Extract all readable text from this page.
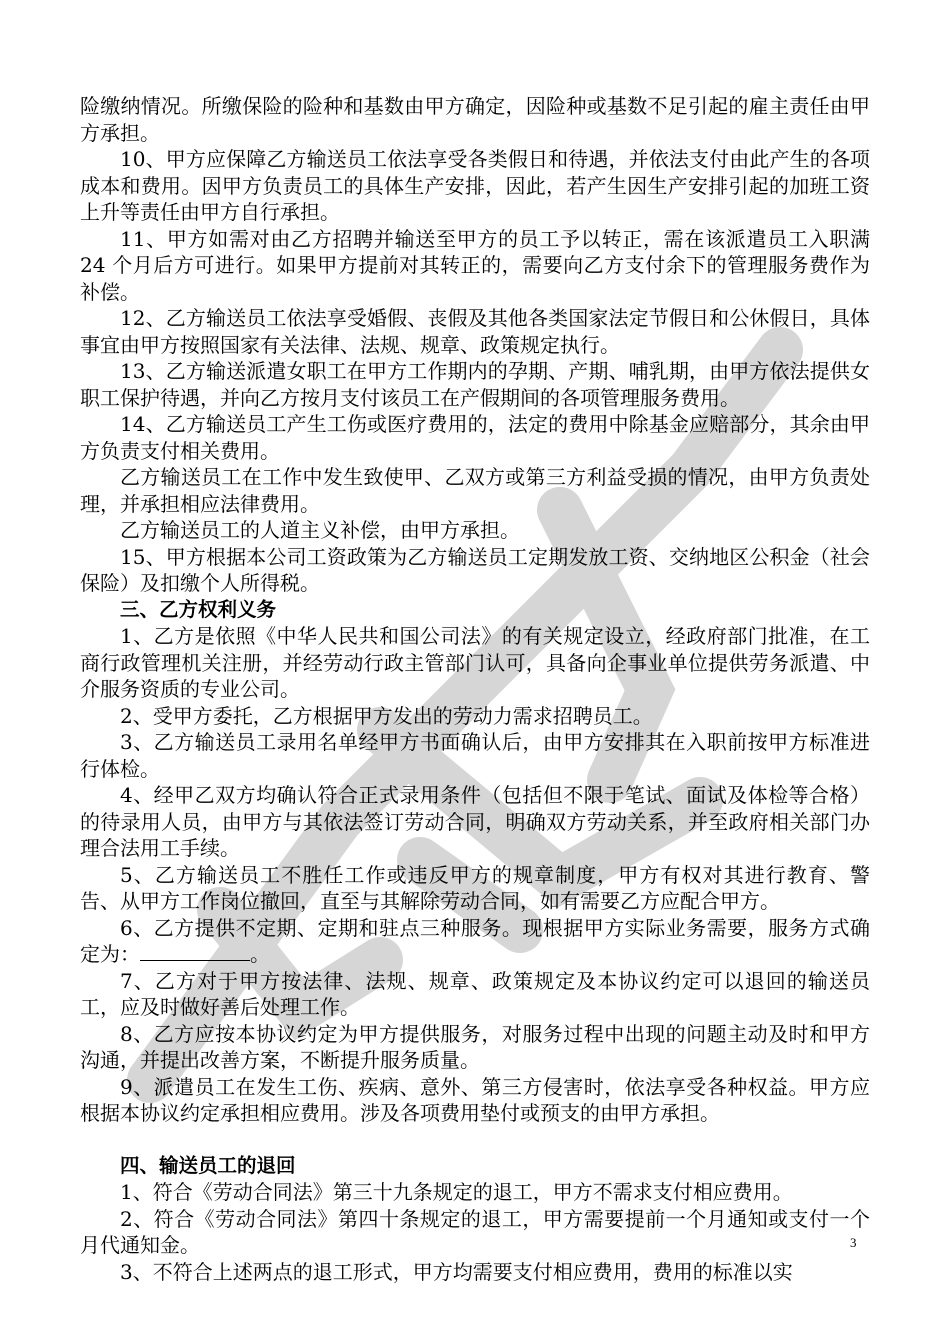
险缴纳情况。所缴保险的险种和基数由甲方确定，因险种或基数不足引起的雇主责任由甲方承担。

10、甲方应保障乙方输送员工依法享受各类假日和待遇，并依法支付由此产生的各项成本和费用。因甲方负责员工的具体生产安排，因此，若产生因生产安排引起的加班工资上升等责任由甲方自行承担。

11、甲方如需对由乙方招聘并输送至甲方的员工予以转正，需在该派遣员工入职满 24 个月后方可进行。如果甲方提前对其转正的，需要向乙方支付余下的管理服务费作为补偿。

12、乙方输送员工依法享受婚假、丧假及其他各类国家法定节假日和公休假日，具体事宜由甲方按照国家有关法律、法规、规章、政策规定执行。

13、乙方输送派遣女职工在甲方工作期内的孕期、产期、哺乳期，由甲方依法提供女职工保护待遇，并向乙方按月支付该员工在产假期间的各项管理服务费用。

14、乙方输送员工产生工伤或医疗费用的，法定的费用中除基金应赔部分，其余由甲方负责支付相关费用。

乙方输送员工在工作中发生致使甲、乙双方或第三方利益受损的情况，由甲方负责处理，并承担相应法律费用。

乙方输送员工的人道主义补偿，由甲方承担。

15、甲方根据本公司工资政策为乙方输送员工定期发放工资、交纳地区公积金（社会保险）及扣缴个人所得税。

三、乙方权利义务

1、乙方是依照《中华人民共和国公司法》的有关规定设立，经政府部门批准，在工商行政管理机关注册，并经劳动行政主管部门认可，具备向企事业单位提供劳务派遣、中介服务资质的专业公司。

2、受甲方委托，乙方根据甲方发出的劳动力需求招聘员工。

3、乙方输送员工录用名单经甲方书面确认后，由甲方安排其在入职前按甲方标准进行体检。

4、经甲乙双方均确认符合正式录用条件（包括但不限于笔试、面试及体检等合格）的待录用人员，由甲方与其依法签订劳动合同，明确双方劳动关系，并至政府相关部门办理合法用工手续。

5、乙方输送员工不胜任工作或违反甲方的规章制度，甲方有权对其进行教育、警告、从甲方工作岗位撤回，直至与其解除劳动合同，如有需要乙方应配合甲方。

6、乙方提供不定期、定期和驻点三种服务。现根据甲方实际业务需要，服务方式确定为：	。

7、乙方对于甲方按法律、法规、规章、政策规定及本协议约定可以退回的输送员工，应及时做好善后处理工作。

8、乙方应按本协议约定为甲方提供服务，对服务过程中出现的问题主动及时和甲方沟通，并提出改善方案，不断提升服务质量。

9、派遣员工在发生工伤、疾病、意外、第三方侵害时，依法享受各种权益。甲方应根据本协议约定承担相应费用。涉及各项费用垫付或预支的由甲方承担。

四、输送员工的退回

1、符合《劳动合同法》第三十九条规定的退工，甲方不需求支付相应费用。

2、符合《劳动合同法》第四十条规定的退工，甲方需要提前一个月通知或支付一个月代通知金。

3、不符合上述两点的退工形式，甲方均需要支付相应费用，费用的标准以实

3
